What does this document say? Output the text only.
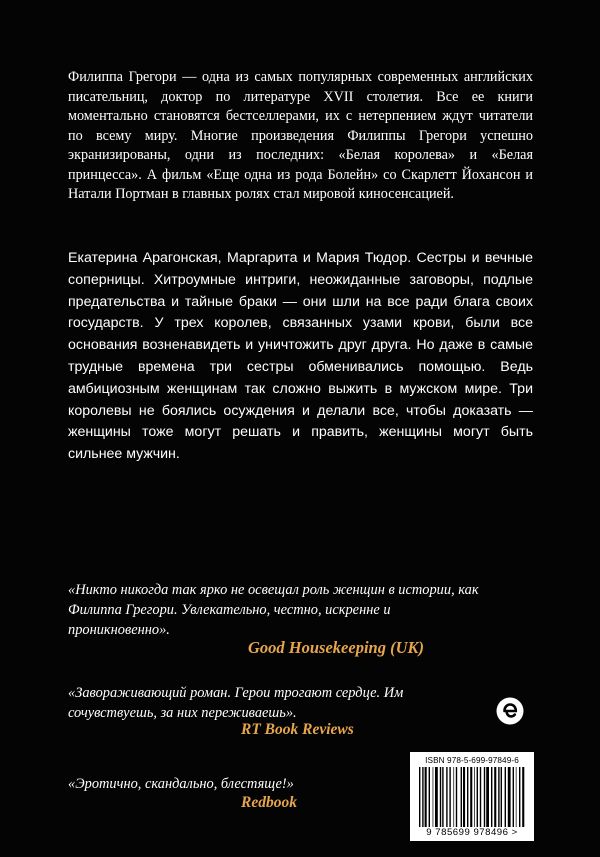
Филиппа Грегори — одна из самых популярных современных английских писательниц, доктор по литературе XVII столетия. Все ее книги моментально становятся бестселлерами, их с нетерпением ждут читатели по всему миру. Многие произведения Филиппы Грегори успешно экранизированы, одни из последних: «Белая королева» и «Белая принцесса». А фильм «Еще одна из рода Болейн» со Скарлетт Йохансон и Натали Портман в главных ролях стал мировой киносенсацией.

Екатерина Арагонская, Маргарита и Мария Тюдор. Сестры и вечные соперницы. Хитроумные интриги, неожиданные заговоры, подлые предательства и тайные браки — они шли на все ради блага своих государств. У трех королев, связанных узами крови, были все основания возненавидеть и уничтожить друг друга. Но даже в самые трудные времена три сестры обменивались помощью. Ведь амбициозным женщинам так сложно выжить в мужском мире. Три королевы не боялись осуждения и делали все, чтобы доказать — женщины тоже могут решать и править, женщины могут быть сильнее мужчин.

«Никто никогда так ярко не освещал роль женщин в истории, как Филиппа Грегори. Увлекательно, честно, искренне и проникновенно».

Good Housekeeping (UK)

«Завораживающий роман. Герои трогают сердце. Им сочувствуешь, за них переживаешь».

RT Book Reviews

«Эротично, скандально, блестяще!»

Redbook

ISBN 978-5-699-97849-6

9 785699 978496 >
